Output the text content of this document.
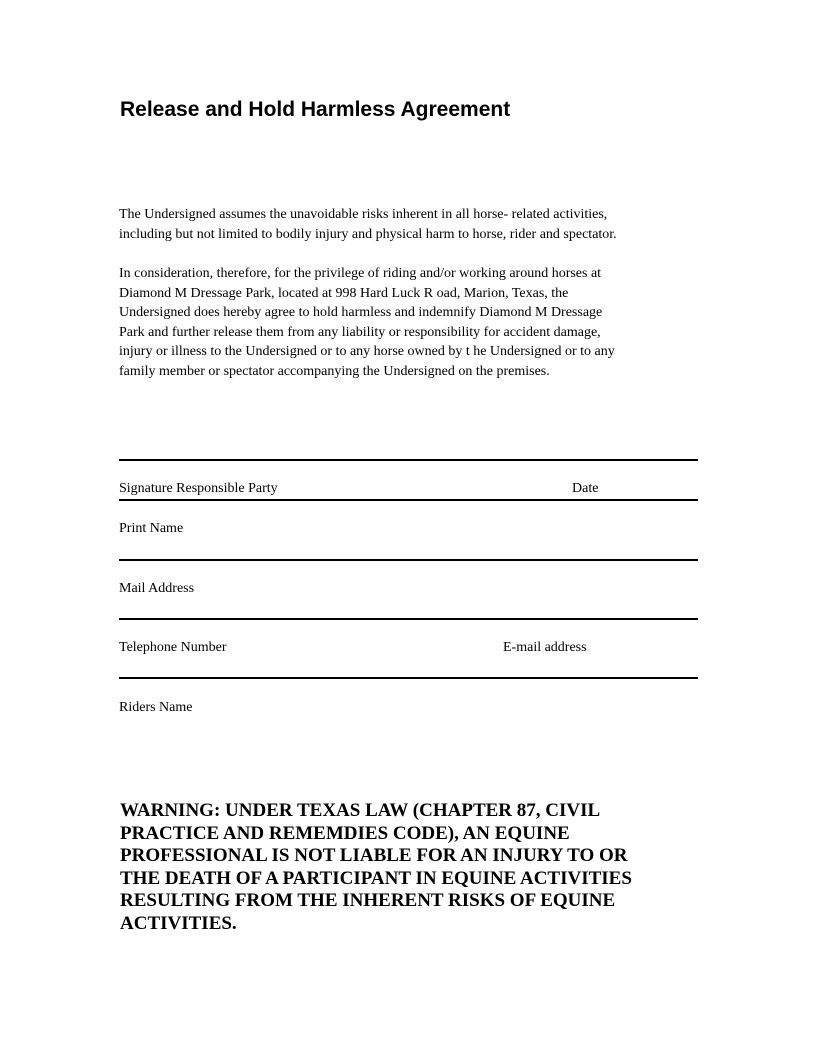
Release and Hold Harmless Agreement

The Undersigned assumes the unavoidable risks inherent in all horse- related activities,
including but not limited to bodily injury and physical harm to horse, rider and spectator.

In consideration, therefore, for the privilege of riding and/or working around horses at
Diamond M Dressage Park, located at 998 Hard Luck R oad, Marion, Texas, the
Undersigned does hereby agree to hold harmless and indemnify Diamond M Dressage
Park and further release them from any liability or responsibility for accident damage,
injury or illness to the Undersigned or to any horse owned by t he Undersigned or to any
family member or spectator accompanying the Undersigned on the premises.

Signature Responsible Party	Date
Print Name
Mail Address
Telephone Number	E-mail address
Riders Name
WARNING: UNDER TEXAS LAW (CHAPTER 87, CIVIL
PRACTICE AND REMEMDIES CODE), AN EQUINE
PROFESSIONAL IS NOT LIABLE FOR AN INJURY TO OR
THE DEATH OF A PARTICIPANT IN EQUINE ACTIVITIES
RESULTING FROM THE INHERENT RISKS OF EQUINE
ACTIVITIES.
